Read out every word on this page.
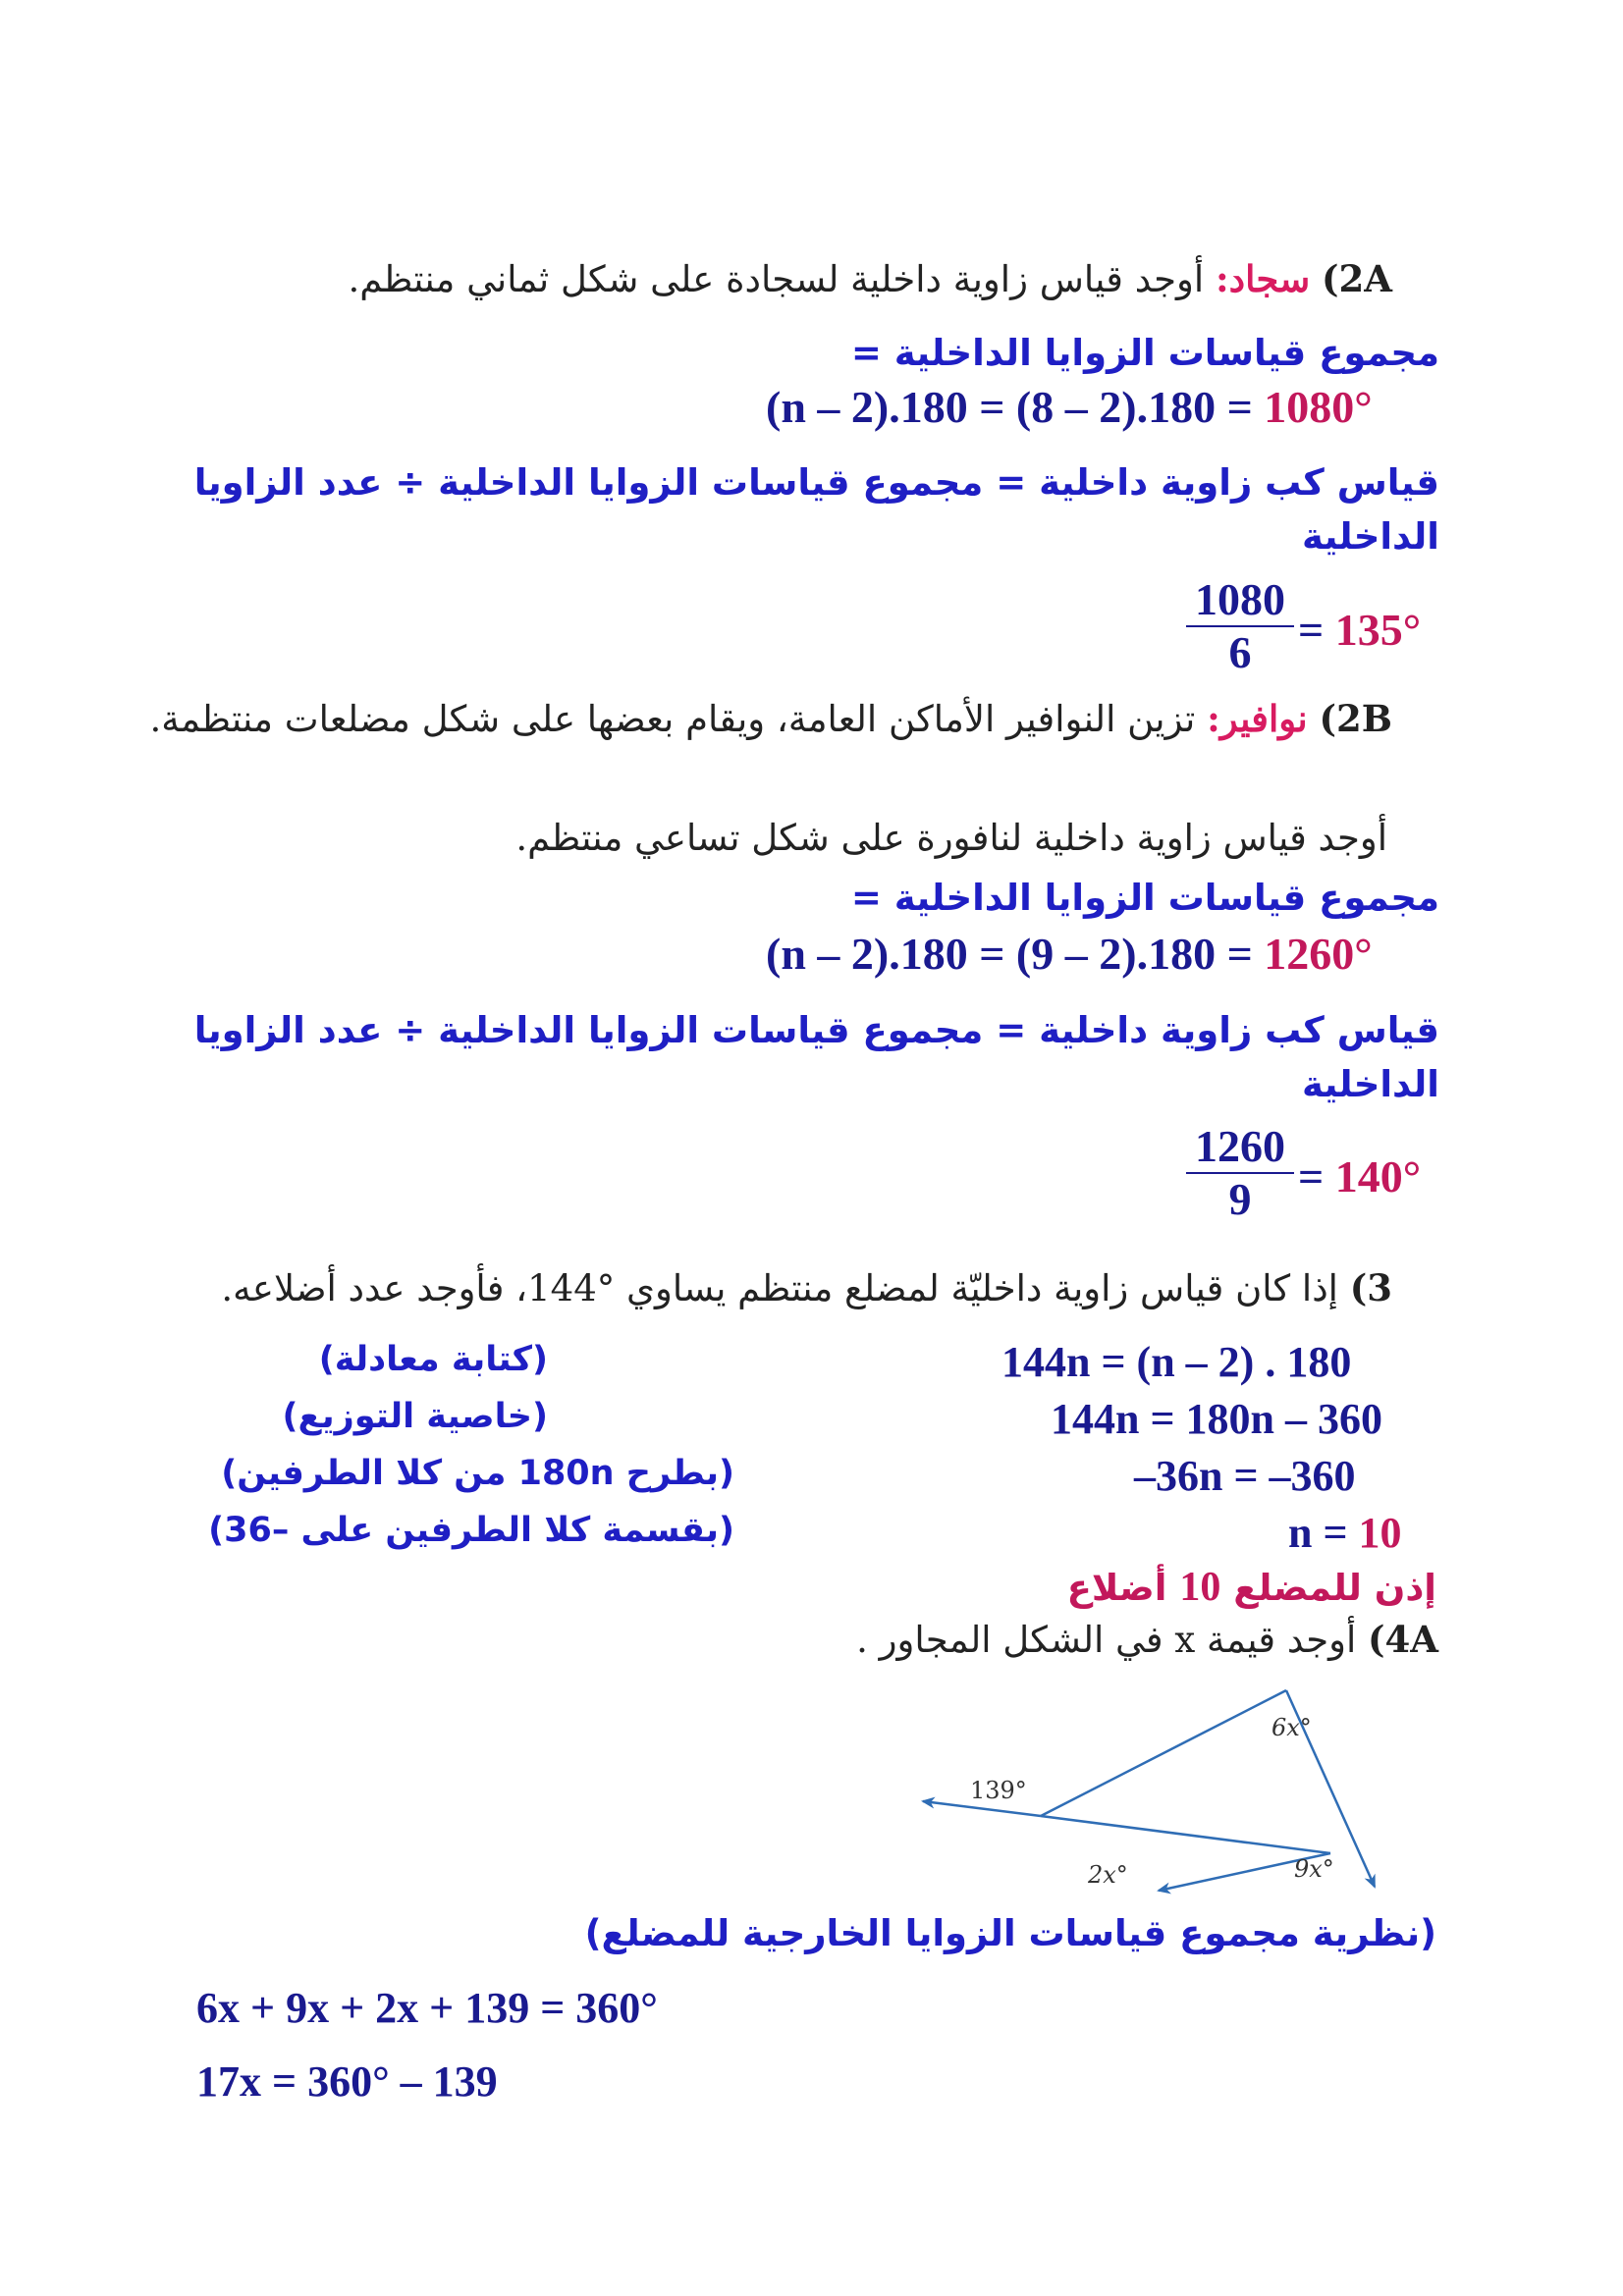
2A) سجاد: أوجد قياس زاوية داخلية لسجادة على شكل ثماني منتظم.
مجموع قياسات الزوايا الداخلية =
(n – 2).180 = (8 – 2).180 = 1080°
قياس كب زاوية داخلية = مجموع قياسات الزوايا الداخلية ÷ عدد الزاويا
الداخلية
1080
6	= 135°
2B) نوافير: تزين النوافير الأماكن العامة، ويقام بعضها على شكل مضلعات منتظمة.
أوجد قياس زاوية داخلية لنافورة على شكل تساعي منتظم.
مجموع قياسات الزوايا الداخلية =
(n – 2).180 = (9 – 2).180 = 1260°
قياس كب زاوية داخلية = مجموع قياسات الزوايا الداخلية ÷ عدد الزاويا
الداخلية
1260
9	= 140°
3) إذا كان قياس زاوية داخليّة لمضلع منتظم يساوي °144، فأوجد عدد أضلاعه.
144n = (n – 2) . 180
(كتابة معادلة)
144n = 180n – 360
(خاصية التوزيع)
–36n = –360
(بطرح 180n من كلا الطرفين)
n = 10
(بقسمة كلا الطرفين على –36)
إذن للمضلع 10 أضلاع
4A) أوجد قيمة x في الشكل المجاور .
6x°
139°
2x°	9x°
(نظرية مجموع قياسات الزوايا الخارجية للمضلع)
6x + 9x + 2x + 139 = 360°
17x = 360° – 139
